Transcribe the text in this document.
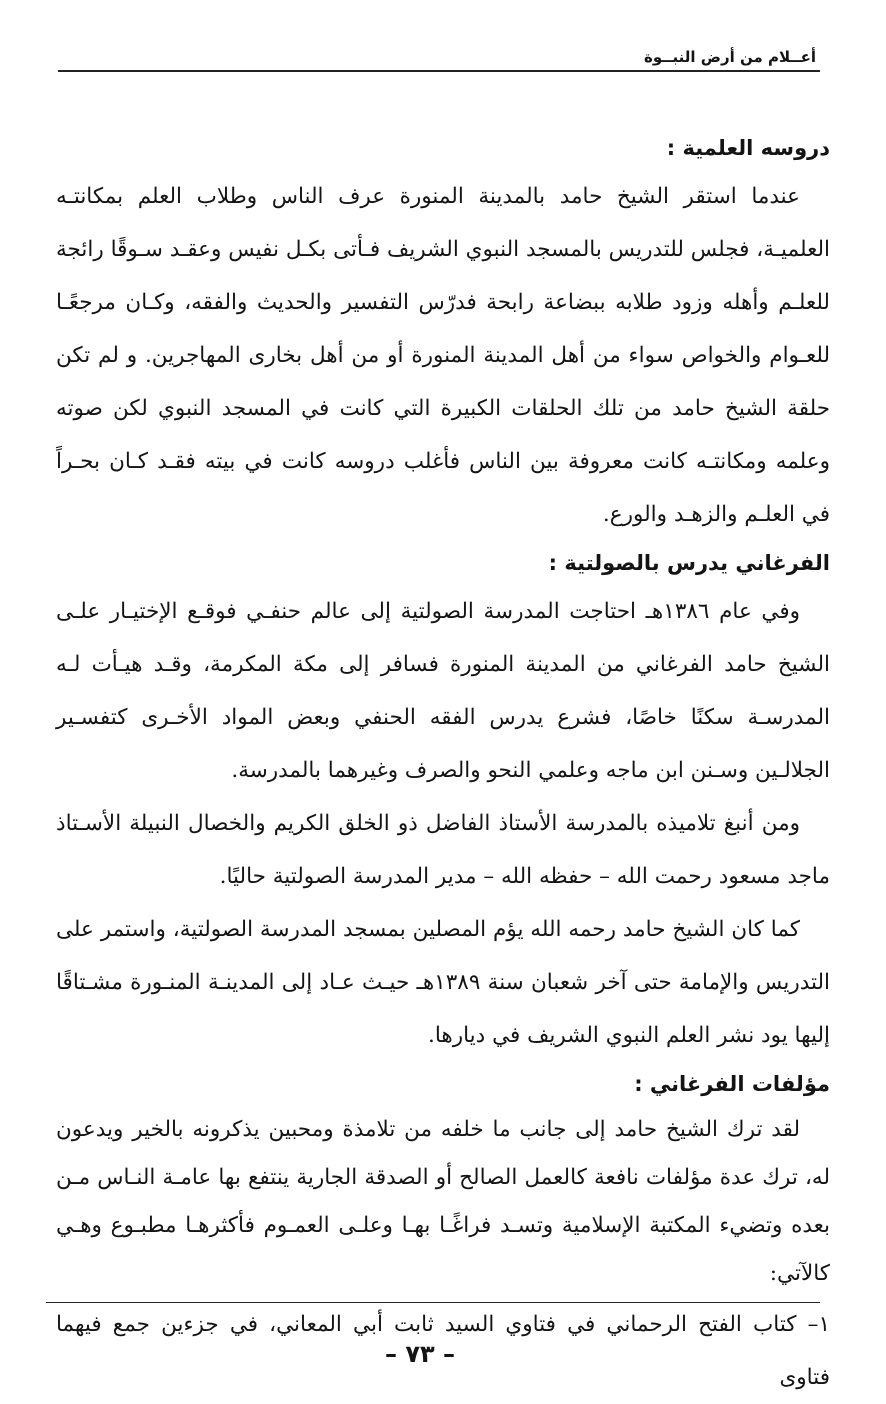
أعــلام من أرض النبــوة
دروسه العلمية :

عندما استقر الشيخ حامد بالمدينة المنورة عرف الناس وطلاب العلم بمكانتـه العلميـة، فجلس للتدريس بالمسجد النبوي الشريف فـأتى بكـل نفيس وعقـد سـوقًا رائجة للعلـم وأهله وزود طلابه ببضاعة رابحة فدرّس التفسير والحديث والفقه، وكـان مرجعًـا للعـوام والخواص سواء من أهل المدينة المنورة أو من أهل بخارى المهاجرين. و لم تكن حلقة الشيخ حامد من تلك الحلقات الكبيرة التي كانت في المسجد النبوي لكن صوته وعلمه ومكانتـه كانت معروفة بين الناس فأغلب دروسه كانت في بيته فقـد كـان بحـراً في العلـم والزهـد والورع.

الفرغاني يدرس بالصولتية :

وفي عام ١٣٨٦هـ احتاجت المدرسة الصولتية إلى عالم حنفـي فوقـع الإختيـار علـى الشيخ حامد الفرغاني من المدينة المنورة فسافر إلى مكة المكرمة، وقـد هيـأت لـه المدرسـة سكنًا خاصًا، فشرع يدرس الفقه الحنفي وبعض المواد الأخـرى كتفسـير الجلالـين وسـنن ابن ماجه وعلمي النحو والصرف وغيرهما بالمدرسة.

ومن أنبغ تلاميذه بالمدرسة الأستاذ الفاضل ذو الخلق الكريم والخصال النبيلة الأسـتاذ ماجد مسعود رحمت الله – حفظه الله – مدير المدرسة الصولتية حاليًا.

كما كان الشيخ حامد رحمه الله يؤم المصلين بمسجد المدرسة الصولتية، واستمر على التدريس والإمامة حتى آخر شعبان سنة ١٣٨٩هـ حيـث عـاد إلى المدينـة المنـورة مشـتاقًا إليها يود نشر العلم النبوي الشريف في ديارها.

مؤلفات الفرغاني :

لقد ترك الشيخ حامد إلى جانب ما خلفه من تلامذة ومحبين يذكرونه بالخير ويدعون له، ترك عدة مؤلفات نافعة كالعمل الصالح أو الصدقة الجارية ينتفع بها عامـة النـاس مـن بعده وتضيء المكتبة الإسلامية وتسـد فراغًـا بهـا وعلـى العمـوم فأكثرهـا مطبـوع وهـي كالآتي:

١– كتاب الفتح الرحماني في فتاوي السيد ثابت أبي المعاني، في جزءين جمع فيهما فتاوى

– ٧٣ –
